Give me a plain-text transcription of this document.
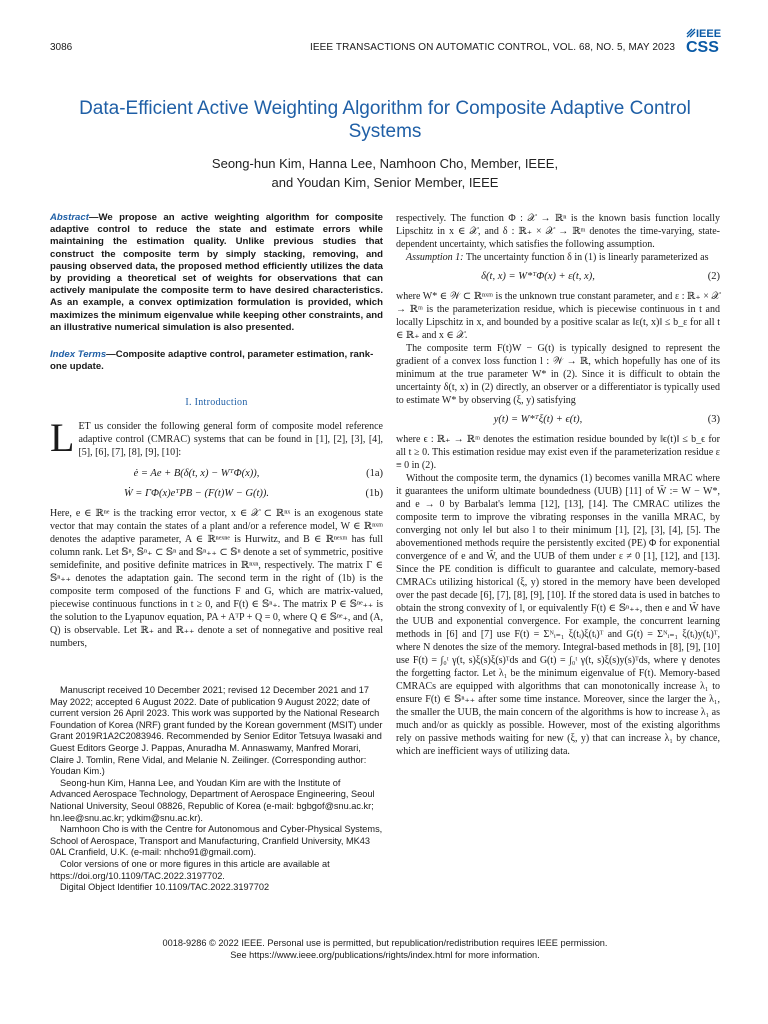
3086	IEEE TRANSACTIONS ON AUTOMATIC CONTROL, VOL. 68, NO. 5, MAY 2023
IEEE
CSS
Data-Efficient Active Weighting Algorithm for Composite Adaptive Control Systems
Seong-hun Kim, Hanna Lee, Namhoon Cho, Member, IEEE,
and Youdan Kim, Senior Member, IEEE
Abstract—We propose an active weighting algorithm for composite adaptive control to reduce the state and estimate errors while maintaining the estimation quality. Unlike previous studies that construct the composite term by simply stacking, removing, and pausing observed data, the proposed method efficiently utilizes the data by providing a theoretical set of weights for observations that can actively manipulate the composite term to have desired characteristics. As an example, a convex optimization formulation is provided, which maximizes the minimum eigenvalue while keeping other constraints, and an illustrative numerical simulation is also presented.
Index Terms—Composite adaptive control, parameter estimation, rank-one update.
I. Introduction

LET us consider the following general form of composite model reference adaptive control (CMRAC) systems that can be found in [1], [2], [3], [4], [5], [6], [7], [8], [9], [10]:

ė = Ae + B(δ(t, x) − WᵀΦ(x)),	(1a)
Ẇ = ΓΦ(x)eᵀPB − (F(t)W − G(t)).	(1b)

Here, e ∈ ℝⁿᵉ is the tracking error vector, x ∈ 𝒳 ⊂ ℝⁿˣ is an exogenous state vector that may contain the states of a plant and/or a reference model, W ∈ ℝⁿˣᵐ denotes the adaptive parameter, A ∈ ℝⁿᵉˣⁿᵉ is Hurwitz, and B ∈ ℝⁿᵉˣᵐ has full column rank. Let 𝕊ⁿ, 𝕊ⁿ₊ ⊂ 𝕊ⁿ and 𝕊ⁿ₊₊ ⊂ 𝕊ⁿ denote a set of symmetric, positive semidefinite, and positive definite matrices in ℝⁿˣⁿ, respectively. The matrix Γ ∈ 𝕊ⁿ₊₊ denotes the adaptation gain. The second term in the right of (1b) is the composite term composed of the functions F and G, which are matrix-valued, piecewise continuous functions in t ≥ 0, and F(t) ∈ 𝕊ⁿ₊. The matrix P ∈ 𝕊ⁿᵉ₊₊ is the solution to the Lyapunov equation, PA + AᵀP + Q = 0, where Q ∈ 𝕊ⁿᵉ₊, and (A, Q) is observable. Let ℝ₊ and ℝ₊₊ denote a set of nonnegative and positive real numbers,

Manuscript received 10 December 2021; revised 12 December 2021 and 17 May 2022; accepted 6 August 2022. Date of publication 9 August 2022; date of current version 26 April 2023. This work was supported by the National Research Foundation of Korea (NRF) grant funded by the Korean government (MSIT) under Grant 2019R1A2C2083946. Recommended by Senior Editor Tetsuya Iwasaki and Guest Editors George J. Pappas, Anuradha M. Annaswamy, Manfred Morari, Claire J. Tomlin, Rene Vidal, and Melanie N. Zeilinger. (Corresponding author: Youdan Kim.)

Seong-hun Kim, Hanna Lee, and Youdan Kim are with the Institute of Advanced Aerospace Technology, Department of Aerospace Engineering, Seoul National University, Seoul 08826, Republic of Korea (e-mail: bgbgof@snu.ac.kr; hn.lee@snu.ac.kr; ydkim@snu.ac.kr).

Namhoon Cho is with the Centre for Autonomous and Cyber-Physical Systems, School of Aerospace, Transport and Manufacturing, Cranfield University, MK43 0AL Cranfield, U.K. (e-mail: nhcho91@gmail.com).

Color versions of one or more figures in this article are available at https://doi.org/10.1109/TAC.2022.3197702.

Digital Object Identifier 10.1109/TAC.2022.3197702

respectively. The function Φ : 𝒳 → ℝⁿ is the known basis function locally Lipschitz in x ∈ 𝒳, and δ : ℝ₊ × 𝒳 → ℝᵐ denotes the time-varying, state-dependent uncertainty, which satisfies the following assumption.

Assumption 1: The uncertainty function δ in (1) is linearly parameterized as

δ(t, x) = W*ᵀΦ(x) + ε(t, x),	(2)

where W* ∈ 𝒲 ⊂ ℝⁿˣᵐ is the unknown true constant parameter, and ε : ℝ₊ × 𝒳 → ℝᵐ is the parameterization residue, which is piecewise continuous in t and locally Lipschitz in x, and bounded by a positive scalar as ‖ε(t, x)‖ ≤ b_ε for all t ∈ ℝ₊ and x ∈ 𝒳.

The composite term F(t)W − G(t) is typically designed to represent the gradient of a convex loss function l : 𝒲 → ℝ, which hopefully has one of its minimum at the true parameter W* in (2). Since it is difficult to obtain the uncertainty δ(t, x) in (2) directly, an observer or a differentiator is typically used to estimate W* by observing (ξ, y) satisfying

y(t) = W*ᵀξ(t) + ϵ(t),	(3)

where ϵ : ℝ₊ → ℝᵐ denotes the estimation residue bounded by ‖ϵ(t)‖ ≤ b_ϵ for all t ≥ 0. This estimation residue may exist even if the parameterization residue ε ≡ 0 in (2).

Without the composite term, the dynamics (1) becomes vanilla MRAC where it guarantees the uniform ultimate boundedness (UUB) [11] of W̃ := W − W*, and e → 0 by Barbalat's lemma [12], [13], [14]. The CMRAC utilizes the composite term to improve the vibrating responses in the vanilla MRAC, by converging not only ‖e‖ but also l to their minimum [1], [2], [3], [4], [5]. The abovementioned methods require the persistently excited (PE) Φ for exponential convergence of e and W̃, and the UUB of them under ε ≠ 0 [1], [12], and [13]. Since the PE condition is difficult to guarantee and calculate, memory-based CMRACs utilizing historical (ξ, y) stored in the memory have been developed over the past decade [6], [7], [8], [9], [10]. If the stored data is used in batches to obtain the strong convexity of l, or equivalently F(t) ∈ 𝕊ⁿ₊₊, then e and W̃ have the UUB and exponential convergence. For example, the concurrent learning methods in [6] and [7] use F(t) = Σᴺᵢ₌₁ ξ(tᵢ)ξ(tᵢ)ᵀ and G(t) = Σᴺᵢ₌₁ ξ(tᵢ)y(tᵢ)ᵀ, where N denotes the size of the memory. Integral-based methods in [8], [9], [10] use F(t) = ∫₀ᵗ γ(t, s)ξ(s)ξ(s)ᵀds and G(t) = ∫₀ᵗ γ(t, s)ξ(s)y(s)ᵀds, where γ denotes the forgetting factor. Let λ₁ be the minimum eigenvalue of F(t). Memory-based CMRACs are equipped with algorithms that can monotonically increase λ₁ to ensure F(t) ∈ 𝕊ⁿ₊₊ after some time instance. Moreover, since the larger the λ₁, the smaller the UUB, the main concern of the algorithms is how to increase λ₁ as much and/or as quickly as possible. However, most of the existing algorithms rely on passive methods waiting for new (ξ, y) that can increase λ₁ by chance, which are inefficient ways of utilizing data.

0018-9286 © 2022 IEEE. Personal use is permitted, but republication/redistribution requires IEEE permission.
See https://www.ieee.org/publications/rights/index.html for more information.
